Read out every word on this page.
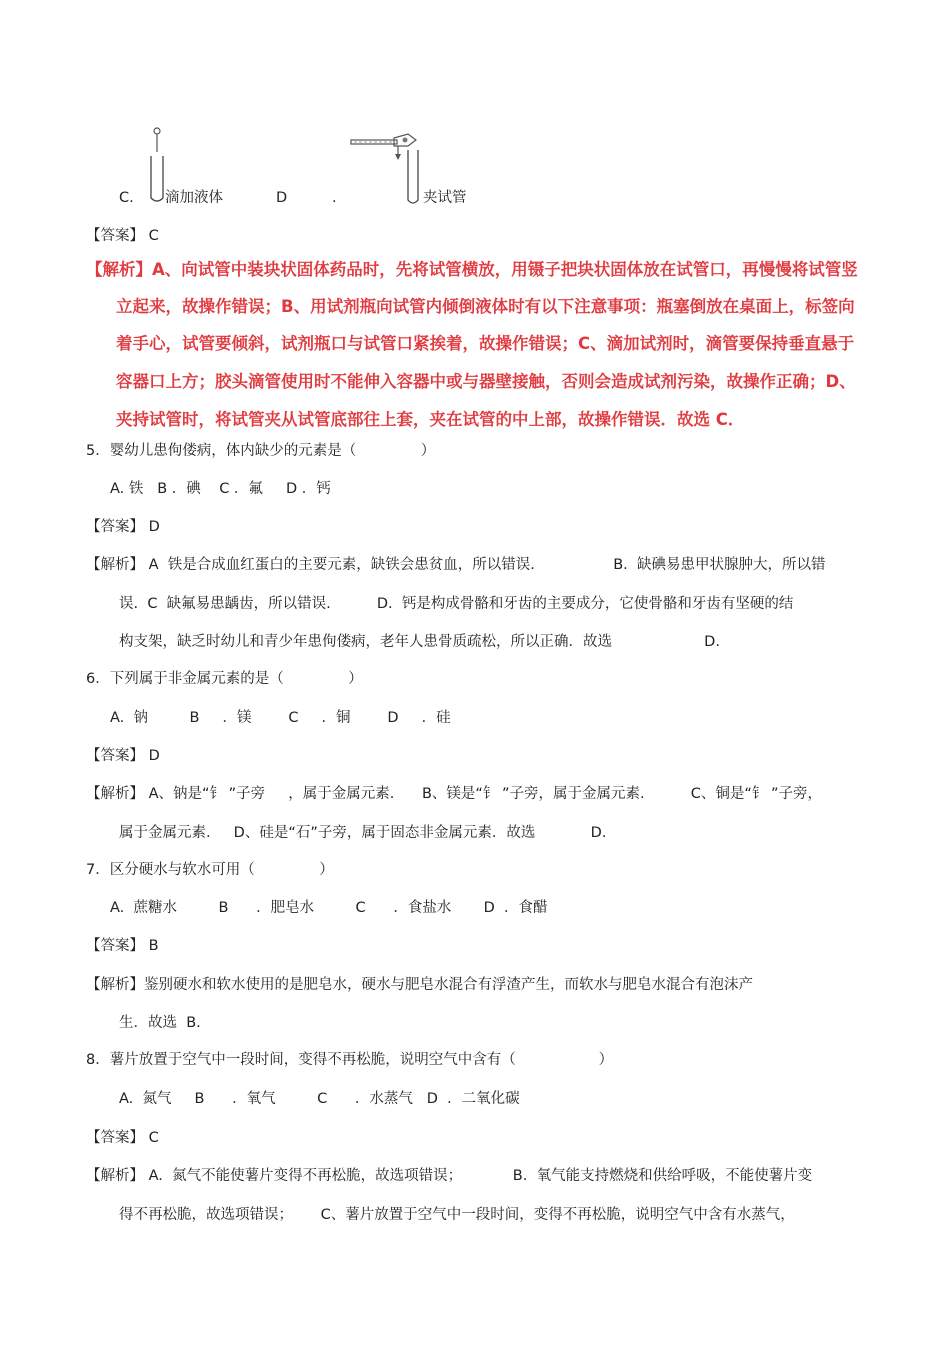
C. 滴加液体	D	.	夹试管
【答案】 C
【解析】A、向试管中装块状固体药品时，先将试管横放，用镊子把块状固体放在试管口，再慢慢将试管竖
立起来，故操作错误；B、用试剂瓶向试管内倾倒液体时有以下注意事项：瓶塞倒放在桌面上，标签向
着手心，试管要倾斜，试剂瓶口与试管口紧挨着，故操作错误；C、滴加试剂时，滴管要保持垂直悬于
容器口上方；胶头滴管使用时不能伸入容器中或与器壁接触，否则会造成试剂污染，故操作正确；D、
夹持试管时，将试管夹从试管底部往上套，夹在试管的中上部，故操作错误．故选 C．
5．婴幼儿患佝偻病，体内缺少的元素是（              ）
A. 铁   B ．碘    C ．氟     D ．钙
【答案】 D
【解析】 A  铁是合成血红蛋白的主要元素，缺铁会患贫血，所以错误.                 B.  缺碘易患甲状腺肿大，所以错
误.  C  缺氟易患龋齿，所以错误.          D.  钙是构成骨骼和牙齿的主要成分，它使骨骼和牙齿有坚硬的结
构支架，缺乏时幼儿和青少年患佝偻病，老年人患骨质疏松，所以正确．故选                    D.
6．下列属于非金属元素的是（              ）
A.  钠         B     ．镁        C     ．铜        D     ．硅
【答案】 D
【解析】 A、钠是“钅 ”子旁     ，属于金属元素.      B、镁是“钅 ”子旁，属于金属元素.          C、铜是“钅 ”子旁，
属于金属元素.     D、硅是“石”子旁，属于固态非金属元素．故选            D.
7．区分硬水与软水可用（              ）
A.  蔗糖水         B      ．肥皂水         C      ．食盐水       D  ．食醋
【答案】 B
【解析】鉴别硬水和软水使用的是肥皂水，硬水与肥皂水混合有浮渣产生，而软水与肥皂水混合有泡沫产
生．故选  B.
8．薯片放置于空气中一段时间，变得不再松脆，说明空气中含有（                  ）
A.  氮气     B      ．氧气         C      ．水蒸气   D  ．二氧化碳
【答案】 C
【解析】 A.  氮气不能使薯片变得不再松脆，故选项错误；           B.  氧气能支持燃烧和供给呼吸，不能使薯片变
得不再松脆，故选项错误；      C、薯片放置于空气中一段时间，变得不再松脆，说明空气中含有水蒸气，
